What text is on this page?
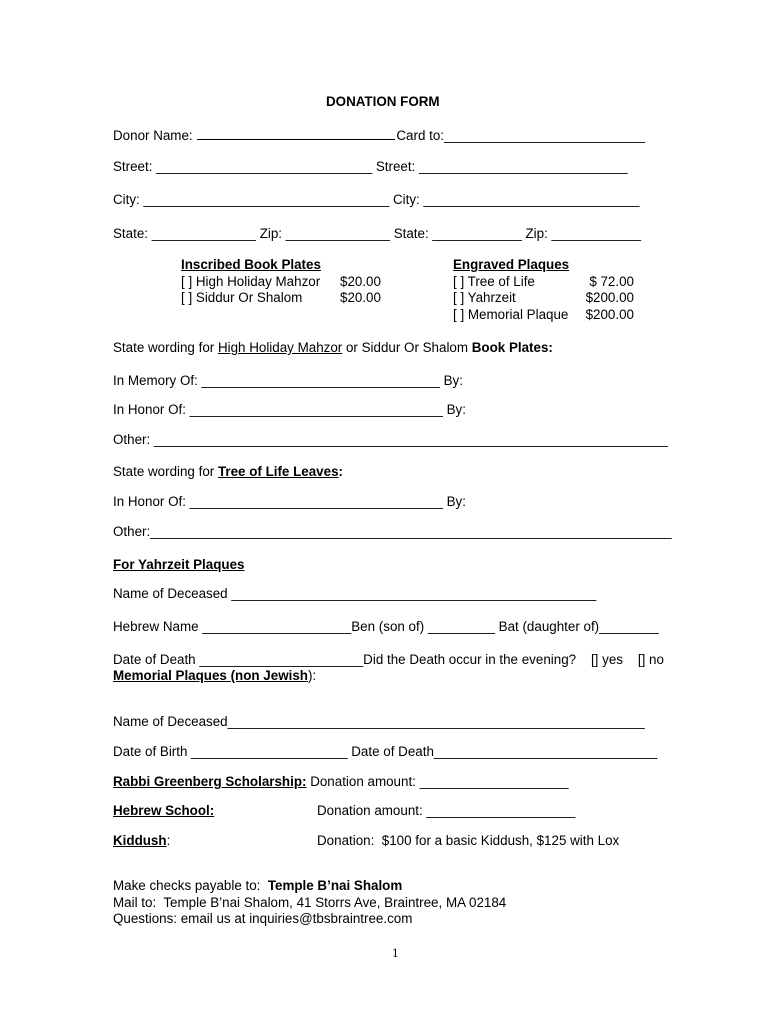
DONATION FORM
Donor Name:	Card to:___________________________
Street: _____________________________ Street: ____________________________
City: _________________________________ City: _____________________________
State: ______________ Zip: ______________ State: ____________ Zip: ____________
Inscribed Book Plates
[ ] High Holiday Mahzor $20.00
[ ] Siddur Or Shalom	$20.00
Engraved Plaques
[ ] Tree of Life	$ 72.00
[ ] Yahrzeit	$200.00
[ ] Memorial Plaque	$200.00
State wording for High Holiday Mahzor or Siddur Or Shalom Book Plates:
In Memory Of: ________________________________ By:
In Honor Of: __________________________________ By:
Other: _____________________________________________________________________
State wording for Tree of Life Leaves:
In Honor Of: __________________________________ By:
Other:______________________________________________________________________
For Yahrzeit Plaques
Name of Deceased _________________________________________________
Hebrew Name ____________________Ben (son of) _________ Bat (daughter of)________
Date of Death ______________________Did the Death occur in the evening?    [] yes    [] no
Memorial Plaques (non Jewish):
Name of Deceased________________________________________________________
Date of Birth _____________________ Date of Death______________________________
Rabbi Greenberg Scholarship: Donation amount: ____________________
Hebrew School:	Donation amount: ____________________
Kiddush:	Donation:  $100 for a basic Kiddush, $125 with Lox
Make checks payable to:  Temple B’nai Shalom
Mail to:  Temple B’nai Shalom, 41 Storrs Ave, Braintree, MA 02184
Questions: email us at inquiries@tbsbraintree.com
1
